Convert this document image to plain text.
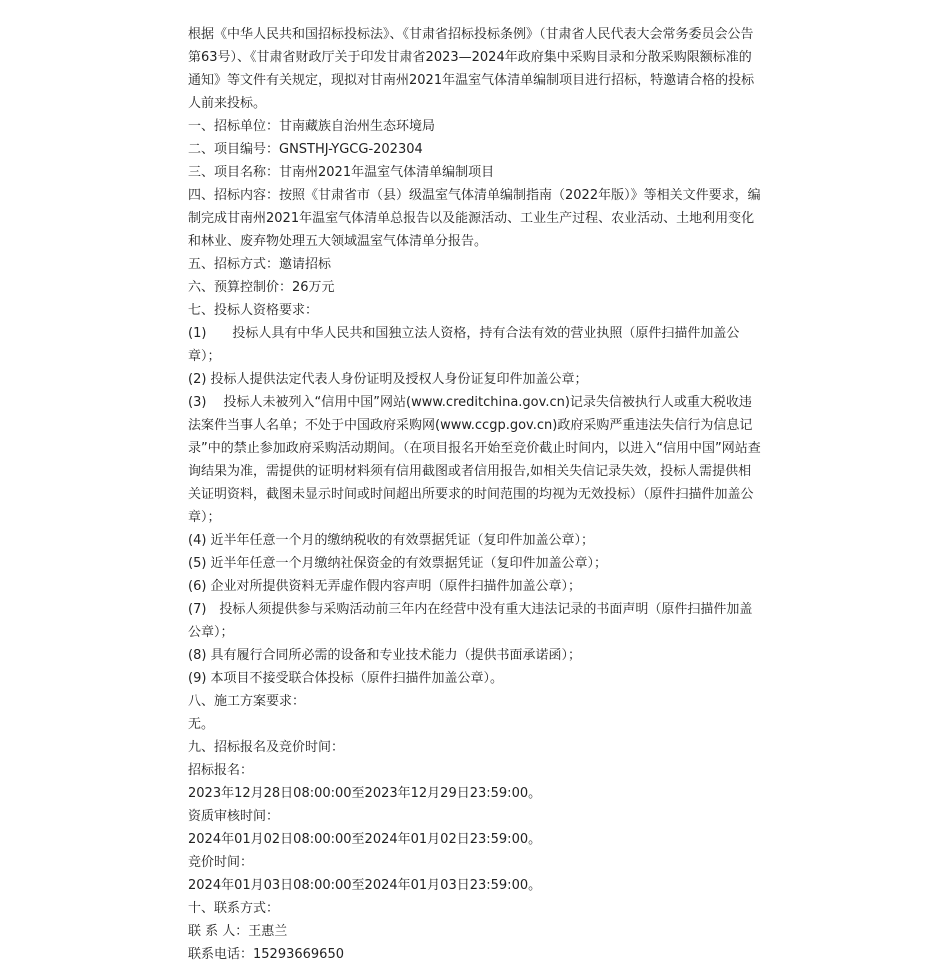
根据《中华人民共和国招标投标法》、《甘肃省招标投标条例》（甘肃省人民代表大会常务委员会公告第63号）、《甘肃省财政厅关于印发甘肃省2023—2024年政府集中采购目录和分散采购限额标准的通知》等文件有关规定，现拟对甘南州2021年温室气体清单编制项目进行招标，特邀请合格的投标人前来投标。

一、招标单位：甘南藏族自治州生态环境局

二、项目编号：GNSTHJ-YGCG-202304

三、项目名称：甘南州2021年温室气体清单编制项目

四、招标内容：按照《甘肃省市（县）级温室气体清单编制指南（2022年版）》等相关文件要求，编制完成甘南州2021年温室气体清单总报告以及能源活动、工业生产过程、农业活动、土地利用变化和林业、废弃物处理五大领域温室气体清单分报告。

五、招标方式：邀请招标

六、预算控制价：26万元

七、投标人资格要求：

(1)　　投标人具有中华人民共和国独立法人资格，持有合法有效的营业执照（原件扫描件加盖公章）；

(2) 投标人提供法定代表人身份证明及授权人身份证复印件加盖公章；

(3)　 投标人未被列入“信用中国”网站(www.creditchina.gov.cn)记录失信被执行人或重大税收违法案件当事人名单；不处于中国政府采购网(www.ccgp.gov.cn)政府采购严重违法失信行为信息记录”中的禁止参加政府采购活动期间。（在项目报名开始至竞价截止时间内，以进入“信用中国”网站查询结果为准，需提供的证明材料须有信用截图或者信用报告,如相关失信记录失效，投标人需提供相关证明资料，截图未显示时间或时间超出所要求的时间范围的均视为无效投标）（原件扫描件加盖公章）；

(4) 近半年任意一个月的缴纳税收的有效票据凭证（复印件加盖公章）；

(5) 近半年任意一个月缴纳社保资金的有效票据凭证（复印件加盖公章）；

(6) 企业对所提供资料无弄虚作假内容声明（原件扫描件加盖公章）；

(7)　投标人须提供参与采购活动前三年内在经营中没有重大违法记录的书面声明（原件扫描件加盖公章）；

(8) 具有履行合同所必需的设备和专业技术能力（提供书面承诺函）；

(9) 本项目不接受联合体投标（原件扫描件加盖公章）。

八、施工方案要求：

无。

九、招标报名及竞价时间：

招标报名：

2023年12月28日08:00:00至2023年12月29日23:59:00。

资质审核时间：

2024年01月02日08:00:00至2024年01月02日23:59:00。

竞价时间：

2024年01月03日08:00:00至2024年01月03日23:59:00。

十、联系方式：

联 系 人：王惠兰

联系电话：15293669650
